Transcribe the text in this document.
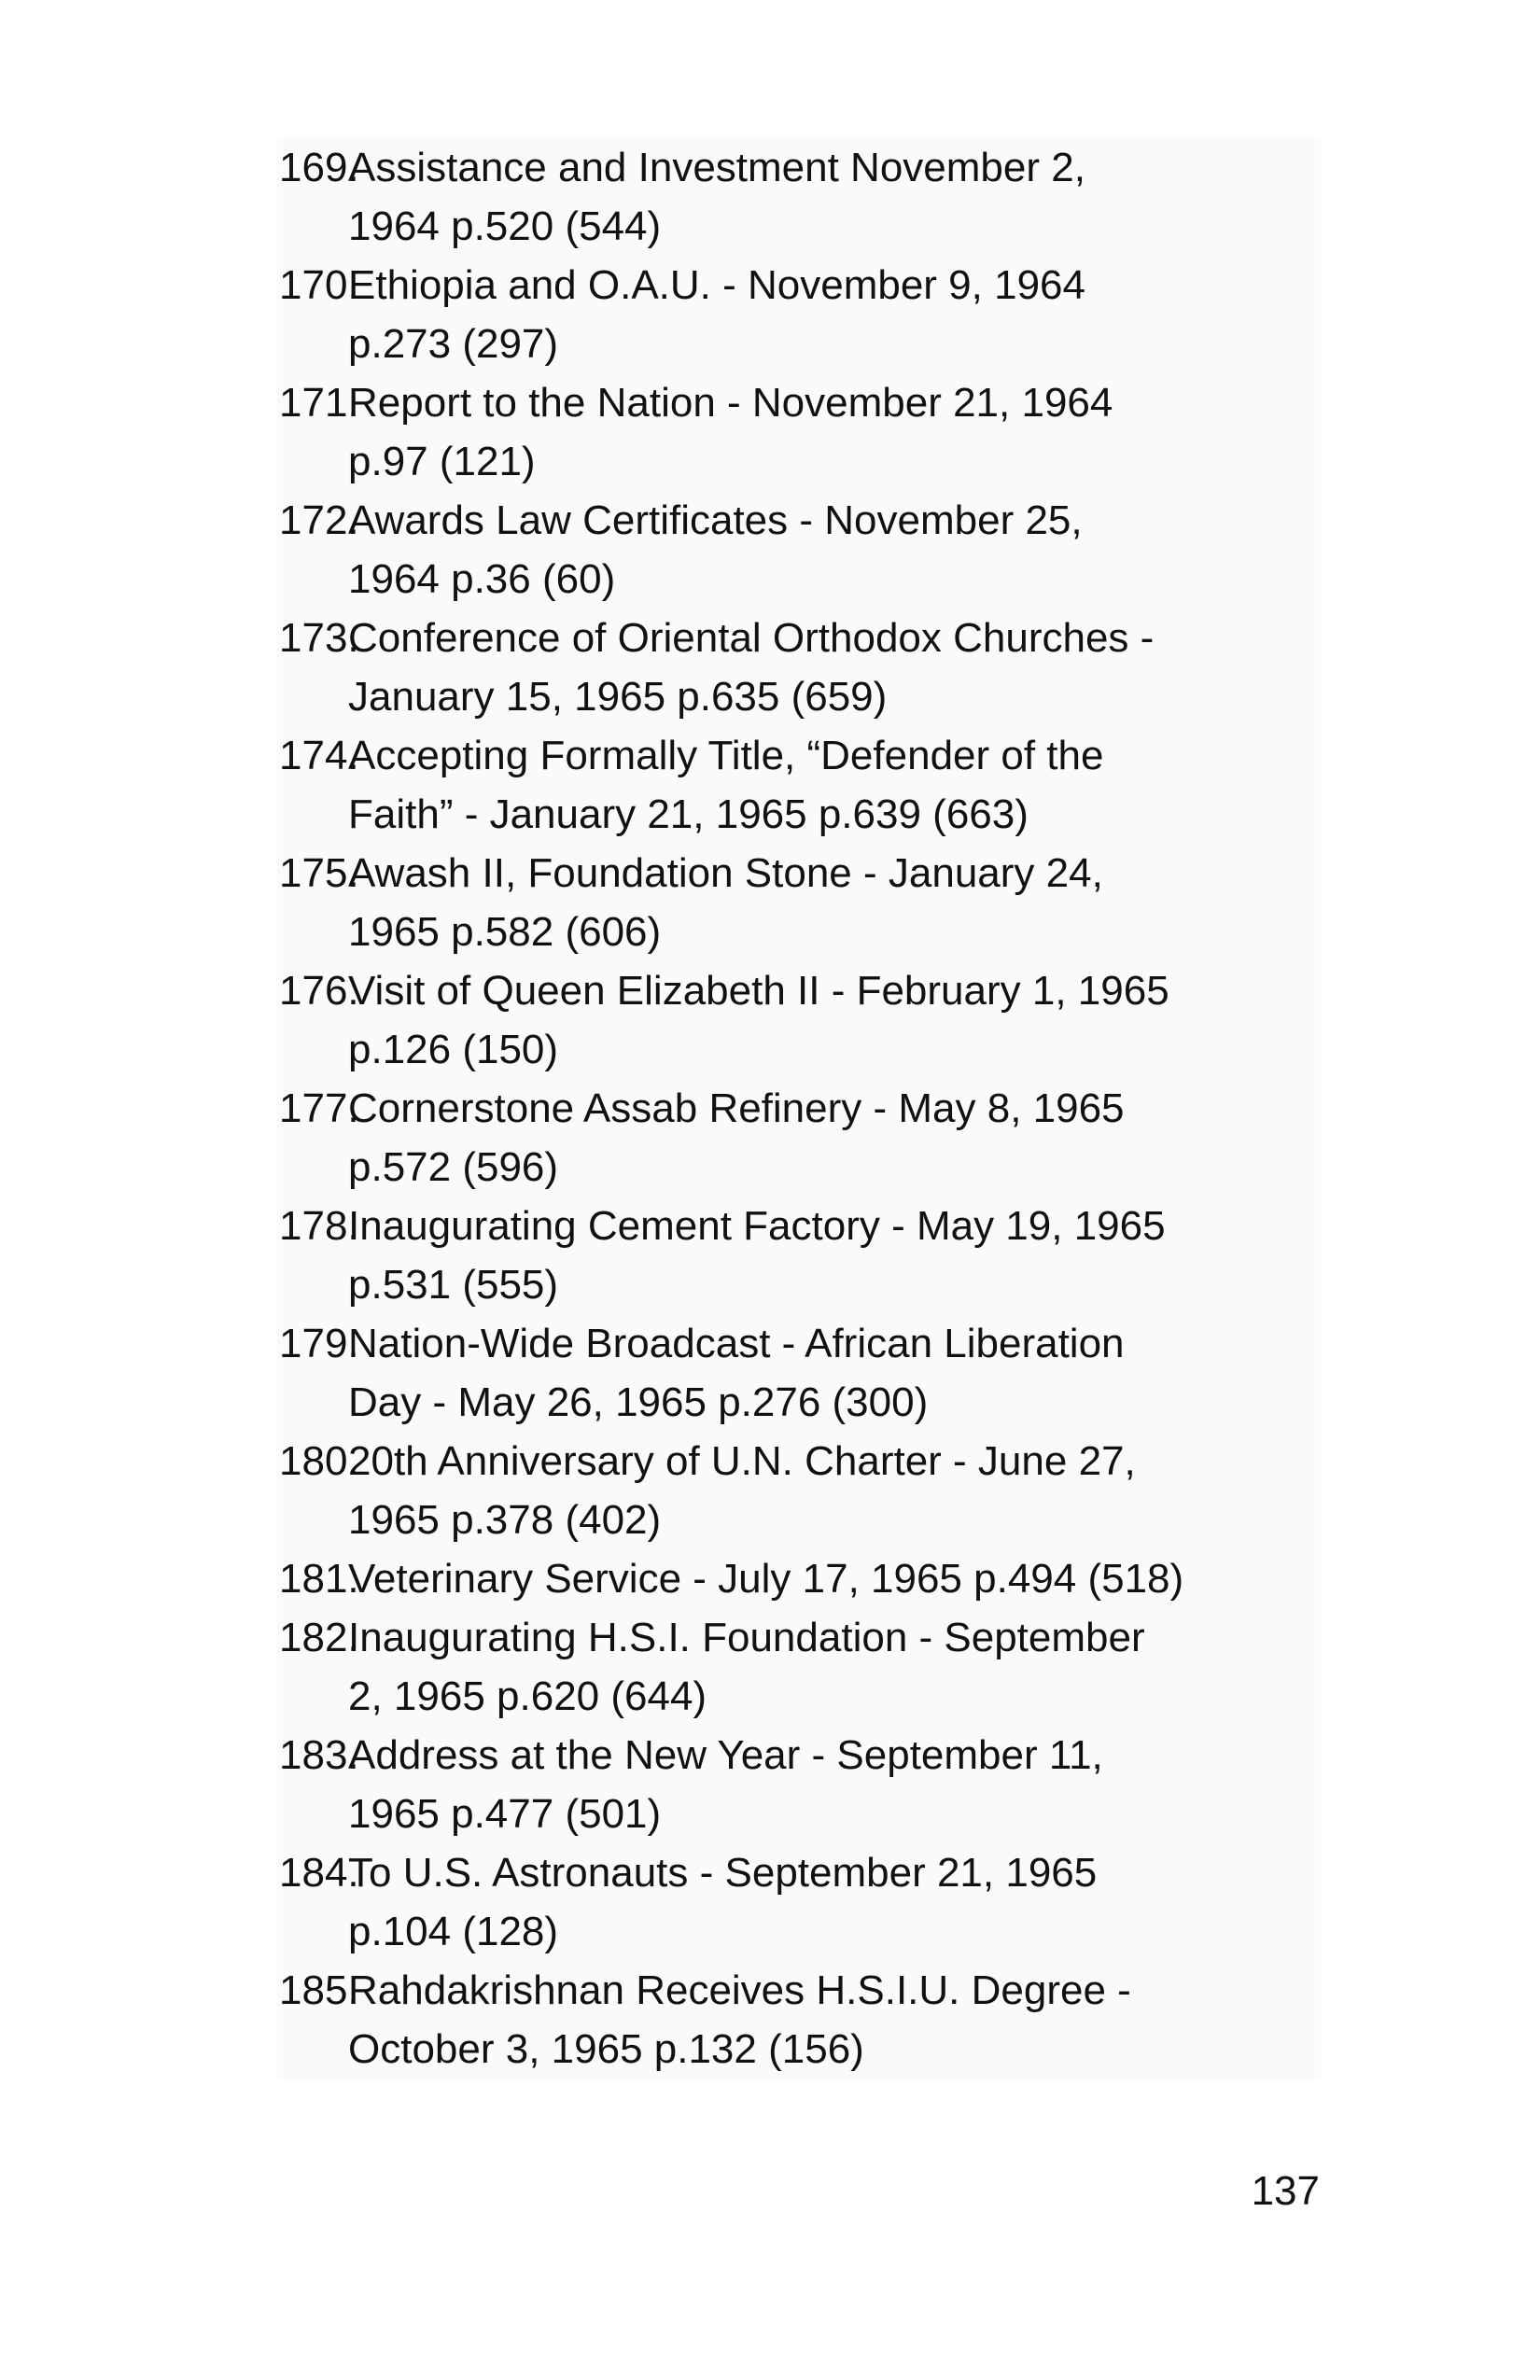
169.
Assistance and Investment November 2,
1964 p.520 (544)
170.
Ethiopia and O.A.U. - November 9, 1964
p.273 (297)
171.
Report to the Nation - November 21, 1964
p.97 (121)
172.
Awards Law Certificates - November 25,
1964 p.36 (60)
173.
Conference of Oriental Orthodox Churches -
January 15, 1965 p.635 (659)
174.
Accepting Formally Title, “Defender of the
Faith” - January 21, 1965 p.639 (663)
175.
Awash II, Foundation Stone - January 24,
1965 p.582 (606)
176.
Visit of Queen Elizabeth II - February 1, 1965
p.126 (150)
177.
Cornerstone Assab Refinery - May 8, 1965
p.572 (596)
178.
Inaugurating Cement Factory - May 19, 1965
p.531 (555)
179.
Nation-Wide Broadcast - African Liberation
Day - May 26, 1965 p.276 (300)
180.
20th Anniversary of U.N. Charter - June 27,
1965 p.378 (402)
181.
Veterinary Service - July 17, 1965 p.494 (518)
182.
Inaugurating H.S.I. Foundation - September
2, 1965 p.620 (644)
183.
Address at the New Year - September 11,
1965 p.477 (501)
184.
To U.S. Astronauts - September 21, 1965
p.104 (128)
185.
Rahdakrishnan Receives H.S.I.U. Degree -
October 3, 1965 p.132 (156)
137
